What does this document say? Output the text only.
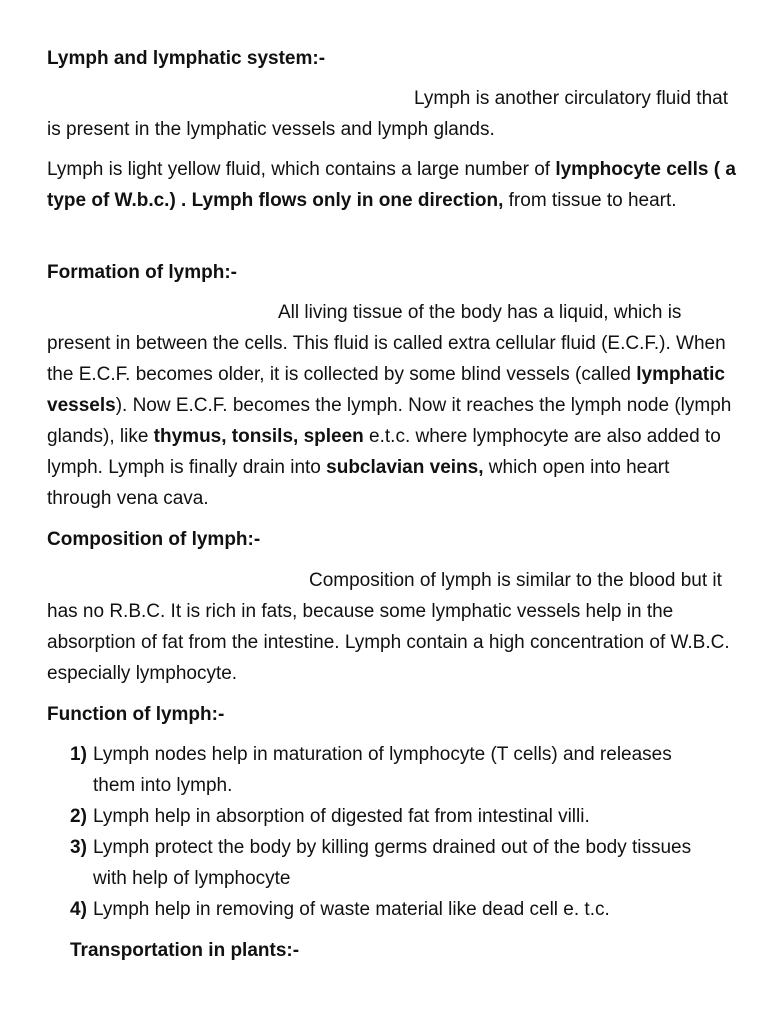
Lymph and lymphatic system:-

Lymph is another circulatory fluid that is present in the lymphatic vessels and lymph glands.

Lymph is light yellow fluid, which contains a large number of lymphocyte cells ( a type of W.b.c.) . Lymph flows only in one direction, from tissue to heart.

Formation of lymph:-

All living tissue of the body has a liquid, which is present in between the cells. This fluid is called extra cellular fluid (E.C.F.). When the E.C.F. becomes older, it is collected by some blind vessels (called lymphatic vessels). Now E.C.F. becomes the lymph. Now it reaches the lymph node (lymph glands), like thymus, tonsils, spleen e.t.c. where lymphocyte are also added to lymph. Lymph is finally drain into subclavian veins, which open into heart through vena cava.

Composition of lymph:-

Composition of lymph is similar to the blood but it has no R.B.C. It is rich in fats, because some lymphatic vessels help in the absorption of fat from the intestine. Lymph contain a high concentration of W.B.C. especially lymphocyte.

Function of lymph:-
1) Lymph nodes help in maturation of lymphocyte (T cells) and releases them into lymph.
2) Lymph help in absorption of digested fat from intestinal villi.
3) Lymph protect the body by killing germs drained out of the body tissues with help of lymphocyte
4) Lymph help in removing of waste material like dead cell e. t.c.
Transportation in plants:-
